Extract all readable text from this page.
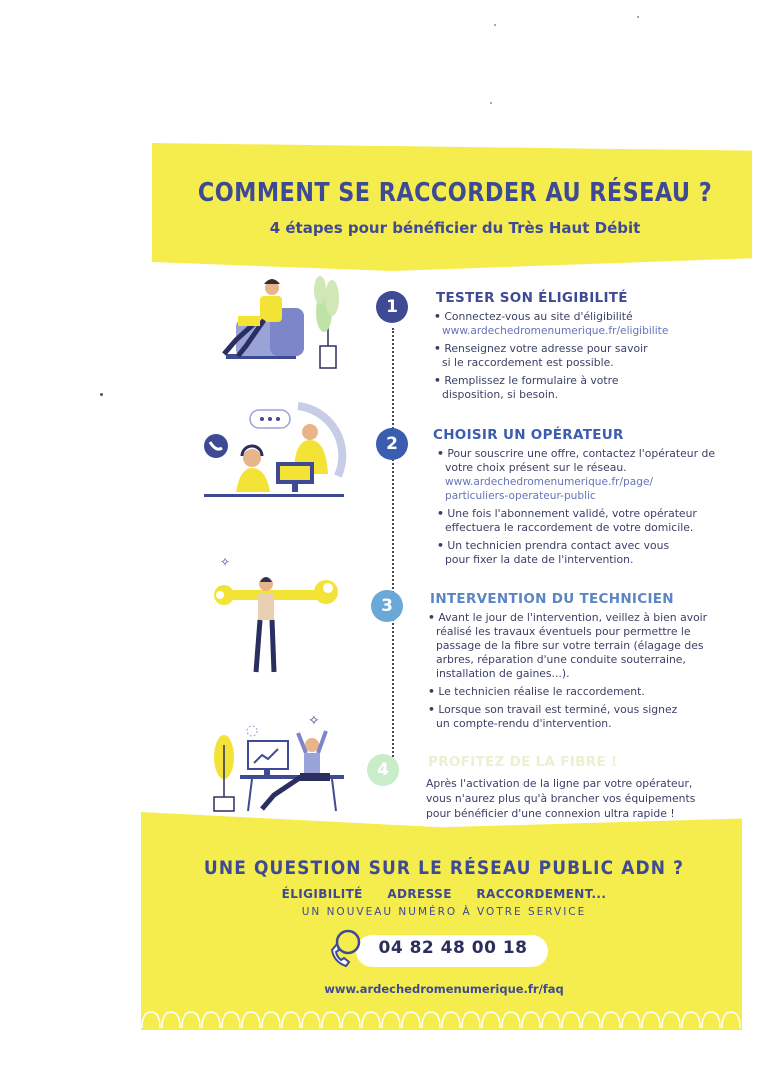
COMMENT SE RACCORDER AU RÉSEAU ?
4 étapes pour bénéficier du Très Haut Débit
1	TESTER SON ÉLIGIBILITÉ
• Connectez-vous au site d'éligibilité
www.ardechedromenumerique.fr/eligibilite
• Renseignez votre adresse pour savoir
si le raccordement est possible.
• Remplissez le formulaire à votre
disposition, si besoin.
2	CHOISIR UN OPÉRATEUR
• Pour souscrire une offre, contactez l'opérateur de
votre choix présent sur le réseau.
www.ardechedromenumerique.fr/page/
particuliers-operateur-public
• Une fois l'abonnement validé, votre opérateur
effectuera le raccordement de votre domicile.
• Un technicien prendra contact avec vous
pour fixer la date de l'intervention.
✧
3	INTERVENTION DU TECHNICIEN
• Avant le jour de l'intervention, veillez à bien avoir
réalisé les travaux éventuels pour permettre le
passage de la fibre sur votre terrain (élagage des
arbres, réparation d'une conduite souterraine,
installation de gaines...).
• Le technicien réalise le raccordement.
• Lorsque son travail est terminé, vous signez
un compte-rendu d'intervention.
✧
4	PROFITEZ DE LA FIBRE !
Après l'activation de la ligne par votre opérateur,
vous n'aurez plus qu'à brancher vos équipements
pour bénéficier d'une connexion ultra rapide !
UNE QUESTION SUR LE RÉSEAU PUBLIC ADN ?
ÉLIGIBILITÉ ADRESSE RACCORDEMENT...
UN NOUVEAU NUMÉRO À VOTRE SERVICE
04 82 48 00 18
www.ardechedromenumerique.fr/faq
